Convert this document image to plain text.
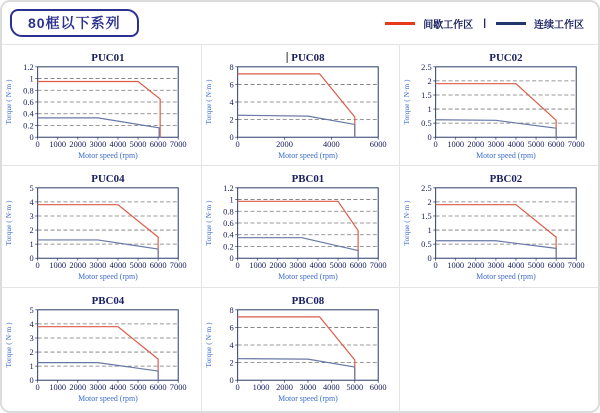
80框以下系列	间歇工作区 |	连续工作区
0 1000 2000 3000 4000 5000 6000 7000
0
0.2
0.4
0.6
0.8
1
1.2
PUC01
Motor speed (rpm)
Torque ( N·m )
0	2000	4000	6000
0
2
4
6
8
PUC08
Motor speed (rpm)
Torque ( N·m )
0 1000 2000 3000 4000 5000 6000 7000
0
0.5
1
1.5
2
2.5
PUC02
Motor speed (rpm)
Torque ( N·m )
0 1000 2000 3000 4000 5000 6000 7000
0
1
2
3
4
5
PUC04
Motor speed (rpm)
Torque ( N·m )
0 1000 2000 3000 4000 5000 6000 7000
0
0.2
0.4
0.6
0.8
1
1.2
PBC01
Motor speed (rpm)
Torque ( N·m )
0 1000 2000 3000 4000 5000 6000 7000
0
0.5
1
1.5
2
2.5
PBC02
Motor speed (rpm)
Torque ( N·m )
0 1000 2000 3000 4000 5000 6000 7000
0
1
2
3
4
5
PBC04
Motor speed (rpm)
Torque ( N·m )
0 1000 2000 3000 4000 5000 6000
0
2
4
6
8
PBC08
Motor speed (rpm)
Torque ( N·m )
